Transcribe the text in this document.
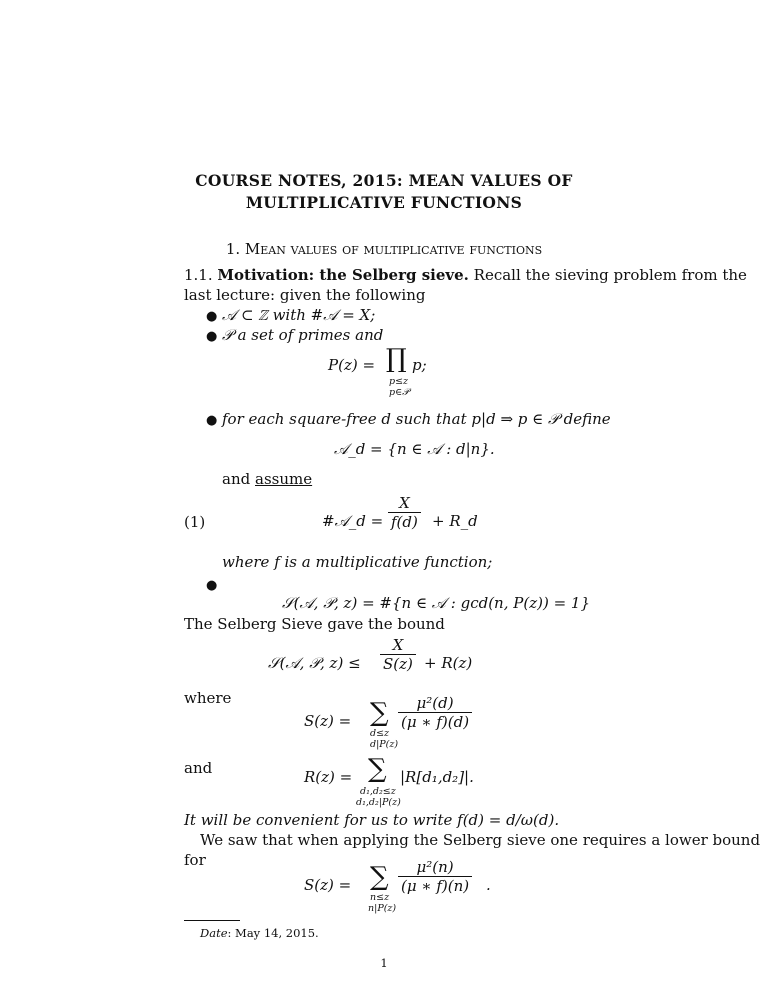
COURSE NOTES, 2015: MEAN VALUES OF
MULTIPLICATIVE FUNCTIONS
1. Mean values of multiplicative functions
1.1. Motivation: the Selberg sieve. Recall the sieving problem from the
last lecture: given the following
● 𝒜 ⊂ ℤ with #𝒜 = X;
● 𝒫 a set of primes and
P(z) = ∏ p;
p≤z
p∈𝒫
● for each square-free d such that p|d ⇒ p ∈ 𝒫 define
𝒜_d = {n ∈ 𝒜 : d|n}.
and assume
(1)	#𝒜_d = $\frac{X}{f(d)}$ + R_d
where f is a multiplicative function;
●
𝒮(𝒜, 𝒫, z) = #{n ∈ 𝒜 : gcd(n, P(z)) = 1}
The Selberg Sieve gave the bound
𝒮(𝒜, 𝒫, $z) \le \frac{X}{S(z)} + R(z)$
where
S(z) = ∑
d≤z
d|P(z)
$\frac{\text{μ²(d)}}{(\mu ∗ f)(d)}$
and	R(z) = ∑ |R[d₁,d₂]|.
d₁,d₂≤z
d₁,d₂|P(z)
It will be convenient for us to write f(d) = d/ω(d).
We saw that when applying the Selberg sieve one requires a lower bound
for
S(z) = ∑
n≤z
n|P(z)
$\frac{\text{μ²(n)}}{(\mu ∗ f)(n)}$ .
Date: May 14, 2015.
1
